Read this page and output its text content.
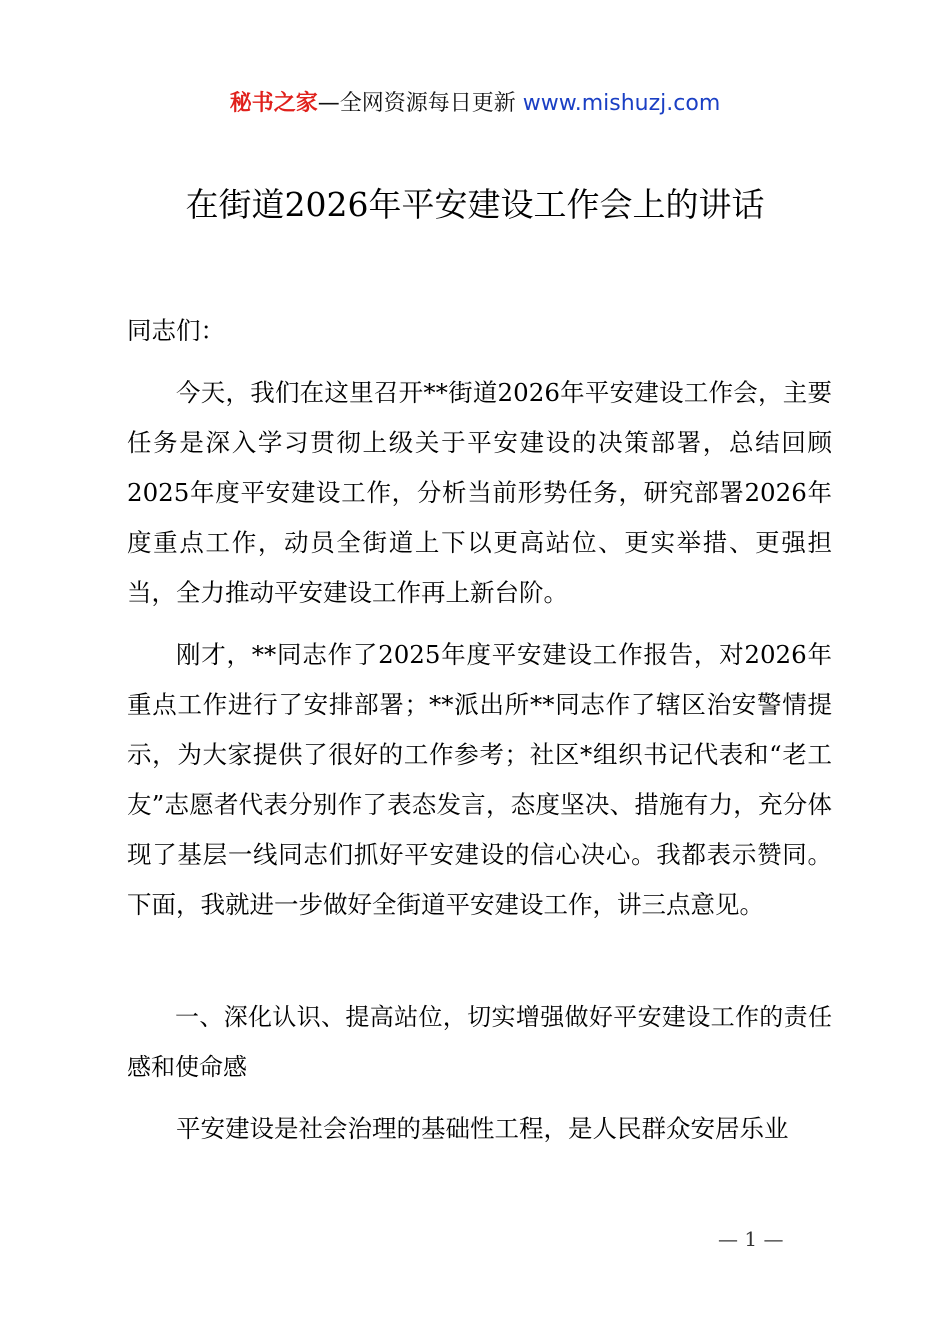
秘书之家—全网资源每日更新 www.mishuzj.com
在街道2026年平安建设工作会上的讲话
同志们：

今天，我们在这里召开**街道2026年平安建设工作会，主要任务是深入学习贯彻上级关于平安建设的决策部署，总结回顾2025年度平安建设工作，分析当前形势任务，研究部署2026年度重点工作，动员全街道上下以更高站位、更实举措、更强担当，全力推动平安建设工作再上新台阶。

刚才，**同志作了2025年度平安建设工作报告，对2026年重点工作进行了安排部署；**派出所**同志作了辖区治安警情提示，为大家提供了很好的工作参考；社区*组织书记代表和“老工友”志愿者代表分别作了表态发言，态度坚决、措施有力，充分体现了基层一线同志们抓好平安建设的信心决心。我都表示赞同。下面，我就进一步做好全街道平安建设工作，讲三点意见。

一、深化认识、提高站位，切实增强做好平安建设工作的责任感和使命感

平安建设是社会治理的基础性工程，是人民群众安居乐业

— 1 —
